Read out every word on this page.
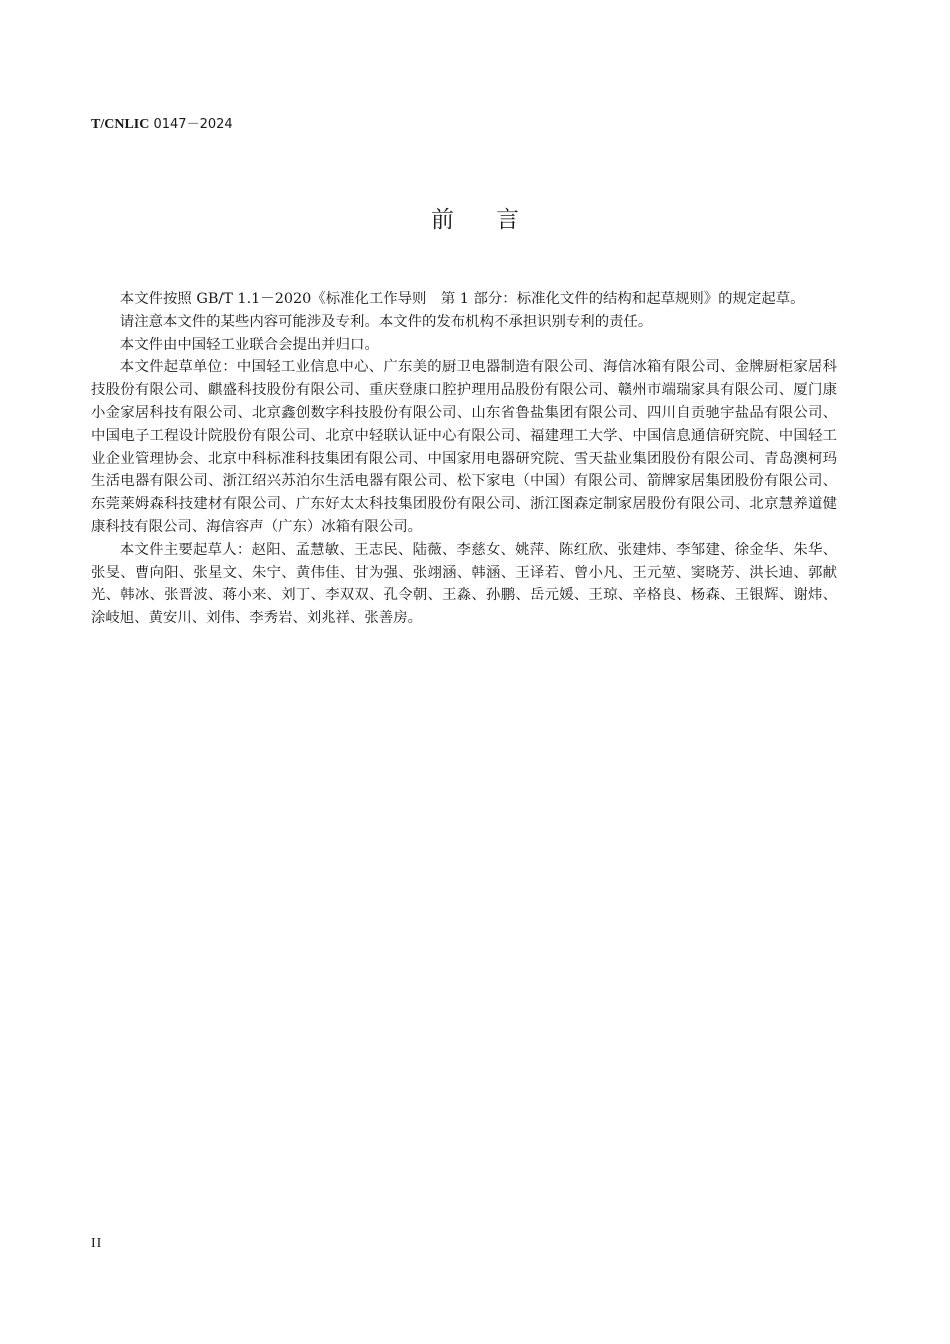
T/CNLIC 0147－2024
前 言

本文件按照 GB/T 1.1－2020《标准化工作导则　第 1 部分：标准化文件的结构和起草规则》的规定起草。

请注意本文件的某些内容可能涉及专利。本文件的发布机构不承担识别专利的责任。

本文件由中国轻工业联合会提出并归口。

本文件起草单位：中国轻工业信息中心、广东美的厨卫电器制造有限公司、海信冰箱有限公司、金牌厨柜家居科技股份有限公司、麒盛科技股份有限公司、重庆登康口腔护理用品股份有限公司、赣州市端瑞家具有限公司、厦门康小金家居科技有限公司、北京鑫创数字科技股份有限公司、山东省鲁盐集团有限公司、四川自贡驰宇盐品有限公司、中国电子工程设计院股份有限公司、北京中轻联认证中心有限公司、福建理工大学、中国信息通信研究院、中国轻工业企业管理协会、北京中科标准科技集团有限公司、中国家用电器研究院、雪天盐业集团股份有限公司、青岛澳柯玛生活电器有限公司、浙江绍兴苏泊尔生活电器有限公司、松下家电（中国）有限公司、箭牌家居集团股份有限公司、东莞莱姆森科技建材有限公司、广东好太太科技集团股份有限公司、浙江图森定制家居股份有限公司、北京慧养道健康科技有限公司、海信容声（广东）冰箱有限公司。

本文件主要起草人：赵阳、孟慧敏、王志民、陆薇、李慈女、姚萍、陈红欣、张建炜、李邹建、徐金华、朱华、张旻、曹向阳、张星文、朱宁、黄伟佳、甘为强、张翊涵、韩涵、王译若、曾小凡、王元堃、窦晓芳、洪长迪、郭献光、韩冰、张晋波、蒋小来、刘丁、李双双、孔令朝、王淼、孙鹏、岳元媛、王琼、辛格良、杨森、王银辉、谢炜、涂岐旭、黄安川、刘伟、李秀岩、刘兆祥、张善房。

II
